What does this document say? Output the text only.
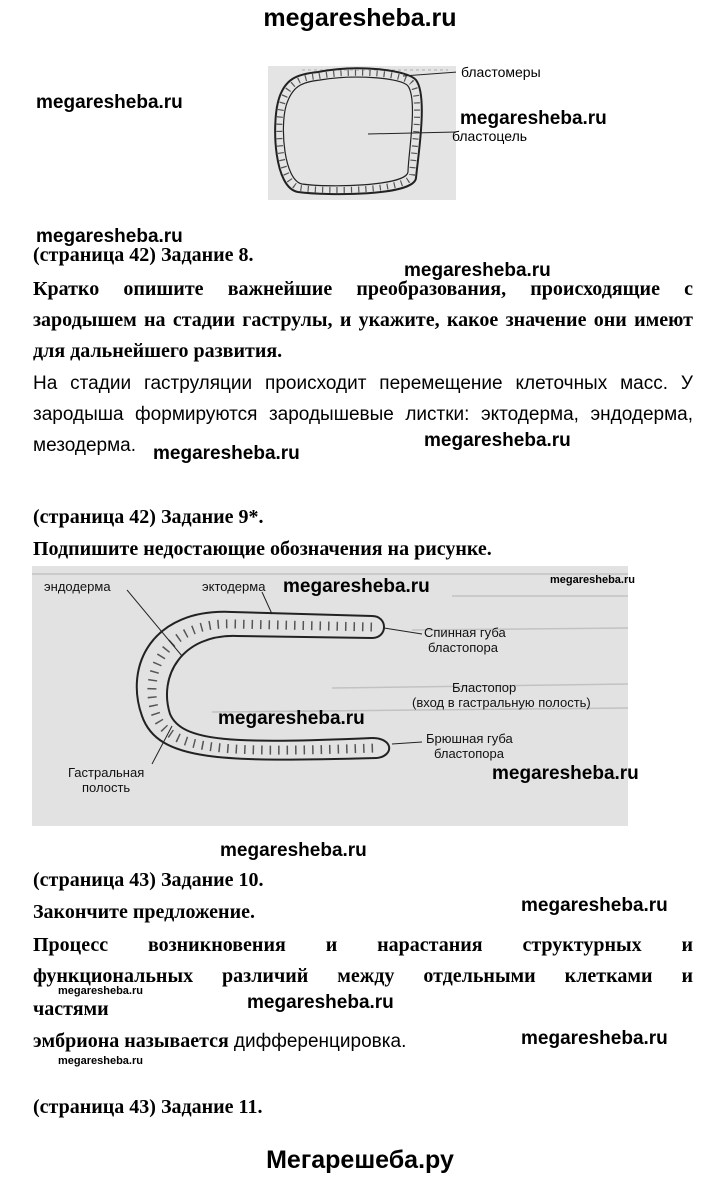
megaresheba.ru
бластомеры
бластоцель
megaresheba.ru
megaresheba.ru
megaresheba.ru
(страница 42) Задание 8.
megaresheba.ru
Кратко опишите важнейшие преобразования, происходящие с зародышем на стадии гаструлы, и укажите, какое значение они имеют для дальнейшего развития.
На стадии гаструляции происходит перемещение клеточных масс. У зародыша формируются зародышевые листки: эктодерма, эндодерма, мезодерма.	megaresheba.ru
megaresheba.ru
(страница 42) Задание 9*.
Подпишите недостающие обозначения на рисунке.
эндодерма	эктодерма
Спинная губа
бластопора
Бластопор
(вход в гастральную полость)
Брюшная губа
бластопора
Гастральная
полость
megaresheba.ru	megaresheba.ru
megaresheba.ru
megaresheba.ru
megaresheba.ru
(страница 43) Задание 10.
Закончите предложение.	megaresheba.ru
Процесс возникновения и нарастания структурных и
функциональных различий между отдельными клетками и
megaresheba.ru
частями	megaresheba.ru
эмбриона называется дифференцировка.	megaresheba.ru
megaresheba.ru
(страница 43) Задание 11.
Мегарешеба.ру
